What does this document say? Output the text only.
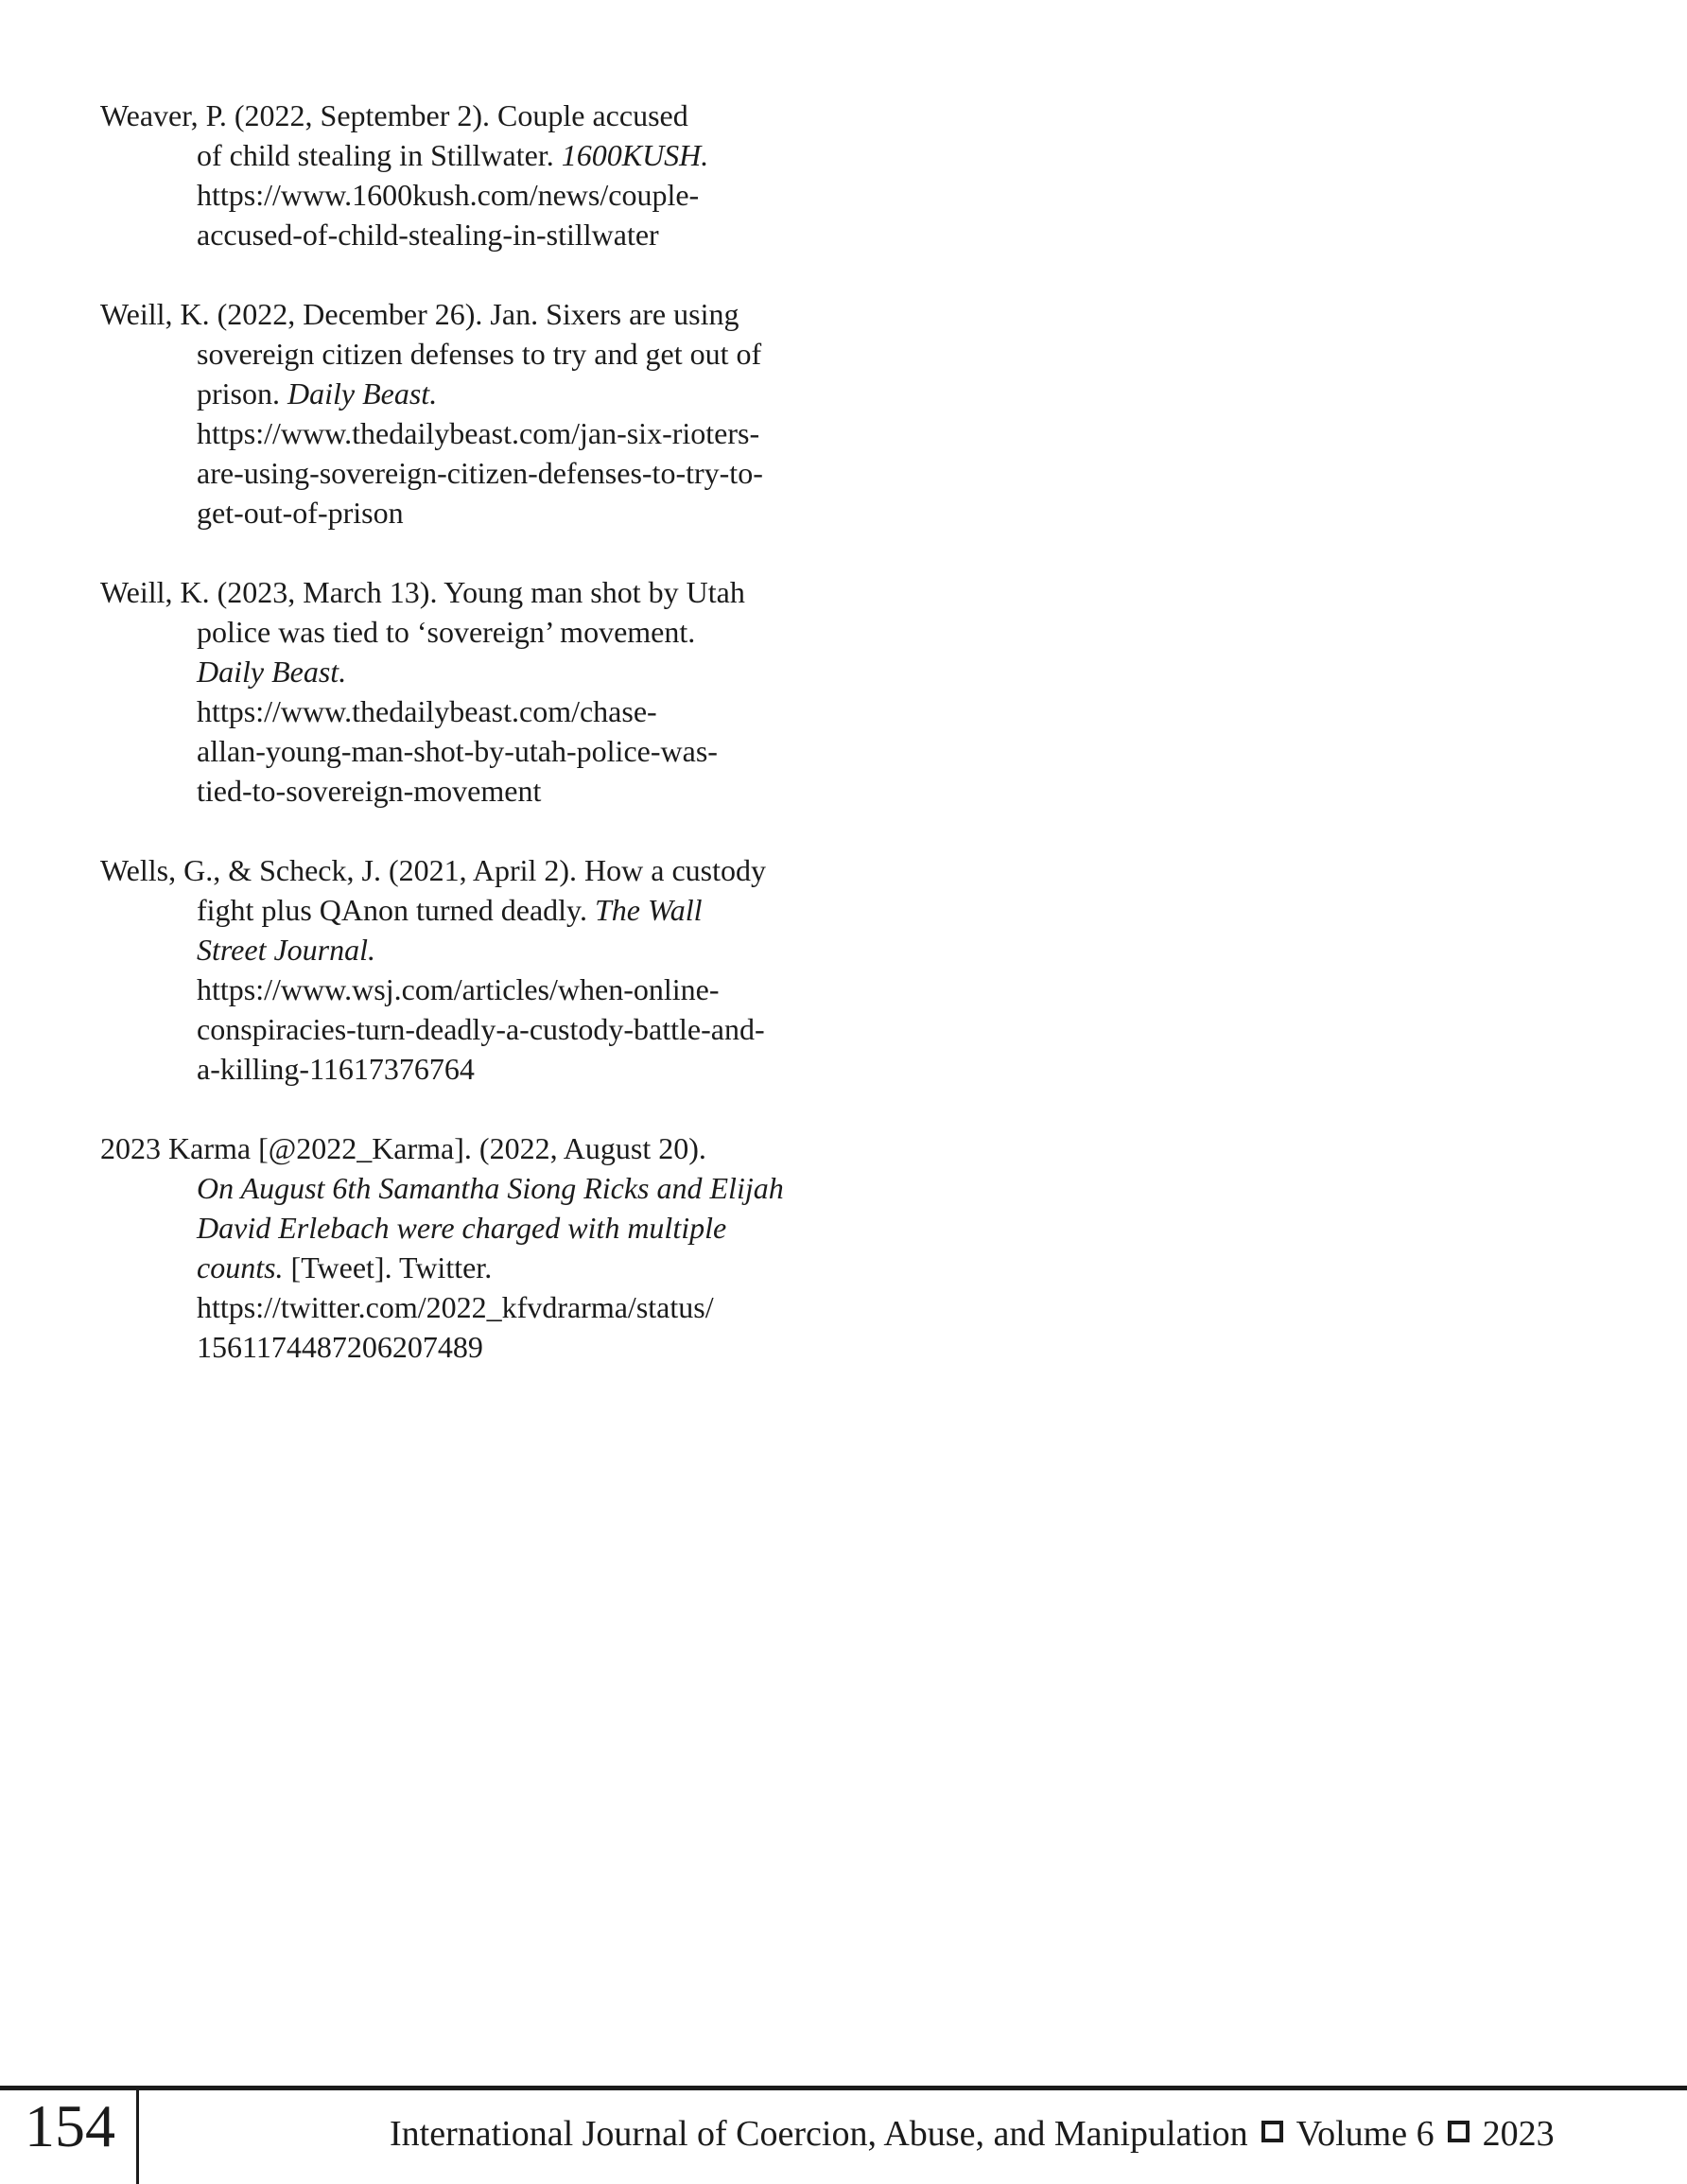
Weaver, P. (2022, September 2). Couple accused
of child stealing in Stillwater. 1600KUSH.
https://www.1600kush.com/news/couple-
accused-of-child-stealing-in-stillwater
Weill, K. (2022, December 26). Jan. Sixers are using
sovereign citizen defenses to try and get out of
prison. Daily Beast.
https://www.thedailybeast.com/jan-six-rioters-
are-using-sovereign-citizen-defenses-to-try-to-
get-out-of-prison
Weill, K. (2023, March 13). Young man shot by Utah
police was tied to ‘sovereign’ movement.
Daily Beast.
https://www.thedailybeast.com/chase-
allan-young-man-shot-by-utah-police-was-
tied-to-sovereign-movement
Wells, G., & Scheck, J. (2021, April 2). How a custody
fight plus QAnon turned deadly. The Wall
Street Journal.
https://www.wsj.com/articles/when-online-
conspiracies-turn-deadly-a-custody-battle-and-
a-killing-11617376764
2023 Karma [@2022_Karma]. (2022, August 20).
On August 6th Samantha Siong Ricks and Elijah
David Erlebach were charged with multiple
counts. [Tweet]. Twitter.
https://twitter.com/2022_kfvdrarma/status/
1561174487206207489
154	International Journal of Coercion, Abuse, and Manipulation Volume 6 2023
